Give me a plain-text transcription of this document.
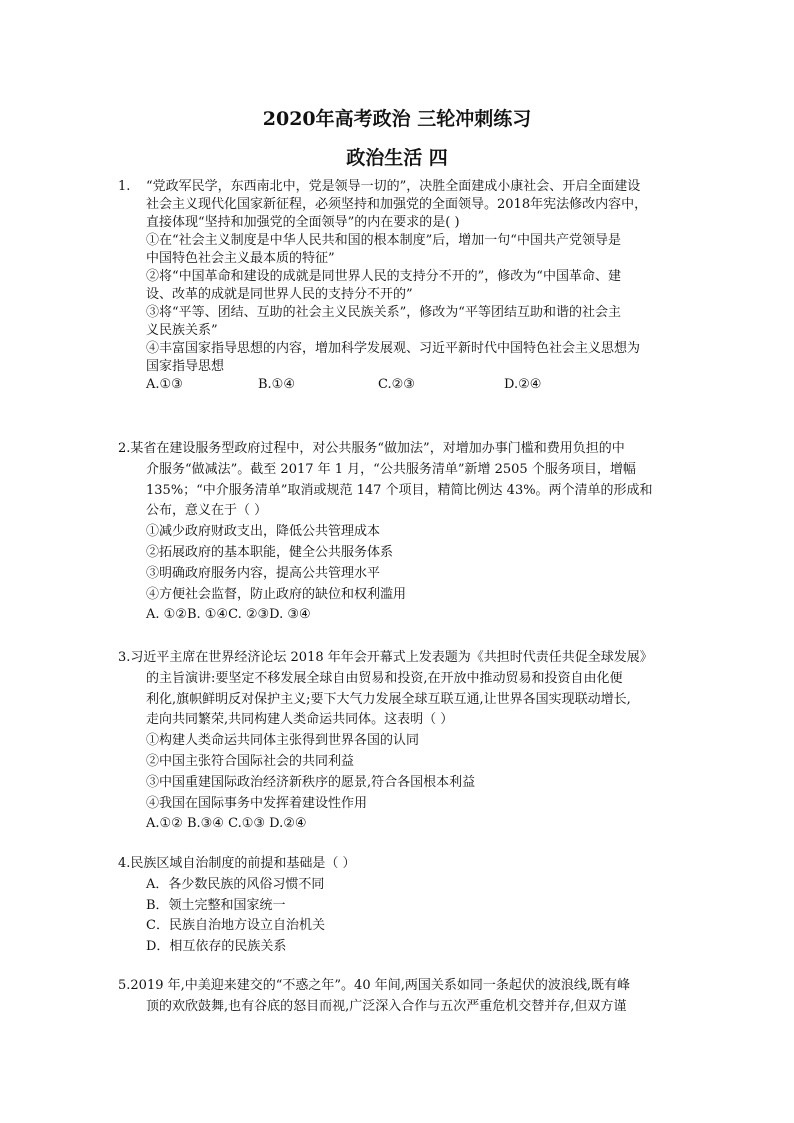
2020年高考政治 三轮冲刺练习
政治生活 四
1. “党政军民学，东西南北中，党是领导一切的”，决胜全面建成小康社会、开启全面建设
社会主义现代化国家新征程，必须坚持和加强党的全面领导。2018年宪法修改内容中，
直接体现“坚持和加强党的全面领导”的内在要求的是( )
①在“社会主义制度是中华人民共和国的根本制度”后，增加一句“中国共产党领导是
中国特色社会主义最本质的特征”
②将“中国革命和建设的成就是同世界人民的支持分不开的”，修改为“中国革命、建
设、改革的成就是同世界人民的支持分不开的”
③将“平等、团结、互助的社会主义民族关系”，修改为“平等团结互助和谐的社会主
义民族关系”
④丰富国家指导思想的内容，增加科学发展观、习近平新时代中国特色社会主义思想为
国家指导思想
A.①③	B.①④	C.②③	D.②④
2.某省在建设服务型政府过程中，对公共服务“做加法”，对增加办事门槛和费用负担的中
介服务“做减法”。截至 2017 年 1 月，“公共服务清单”新增 2505 个服务项目，增幅
135%；“中介服务清单”取消或规范 147 个项目，精简比例达 43%。两个清单的形成和
公布，意义在于（ ）
①减少政府财政支出，降低公共管理成本
②拓展政府的基本职能，健全公共服务体系
③明确政府服务内容，提高公共管理水平
④方便社会监督，防止政府的缺位和权利滥用
A. ①②B. ①④C. ②③D. ③④
3.习近平主席在世界经济论坛 2018 年年会开幕式上发表题为《共担时代责任共促全球发展》
的主旨演讲:要坚定不移发展全球自由贸易和投资,在开放中推动贸易和投资自由化便
利化,旗帜鲜明反对保护主义;要下大气力发展全球互联互通,让世界各国实现联动增长,
走向共同繁荣,共同构建人类命运共同体。这表明（ ）
①构建人类命运共同体主张得到世界各国的认同
②中国主张符合国际社会的共同利益
③中国重建国际政治经济新秩序的愿景,符合各国根本利益
④我国在国际事务中发挥着建设性作用
A.①② B.③④ C.①③ D.②④
4.民族区域自治制度的前提和基础是（ ）
A．各少数民族的风俗习惯不同
B．领土完整和国家统一
C．民族自治地方设立自治机关
D．相互依存的民族关系
5.2019 年,中美迎来建交的“不惑之年”。40 年间,两国关系如同一条起伏的波浪线,既有峰
顶的欢欣鼓舞,也有谷底的怒目而视,广泛深入合作与五次严重危机交替并存,但双方谨
